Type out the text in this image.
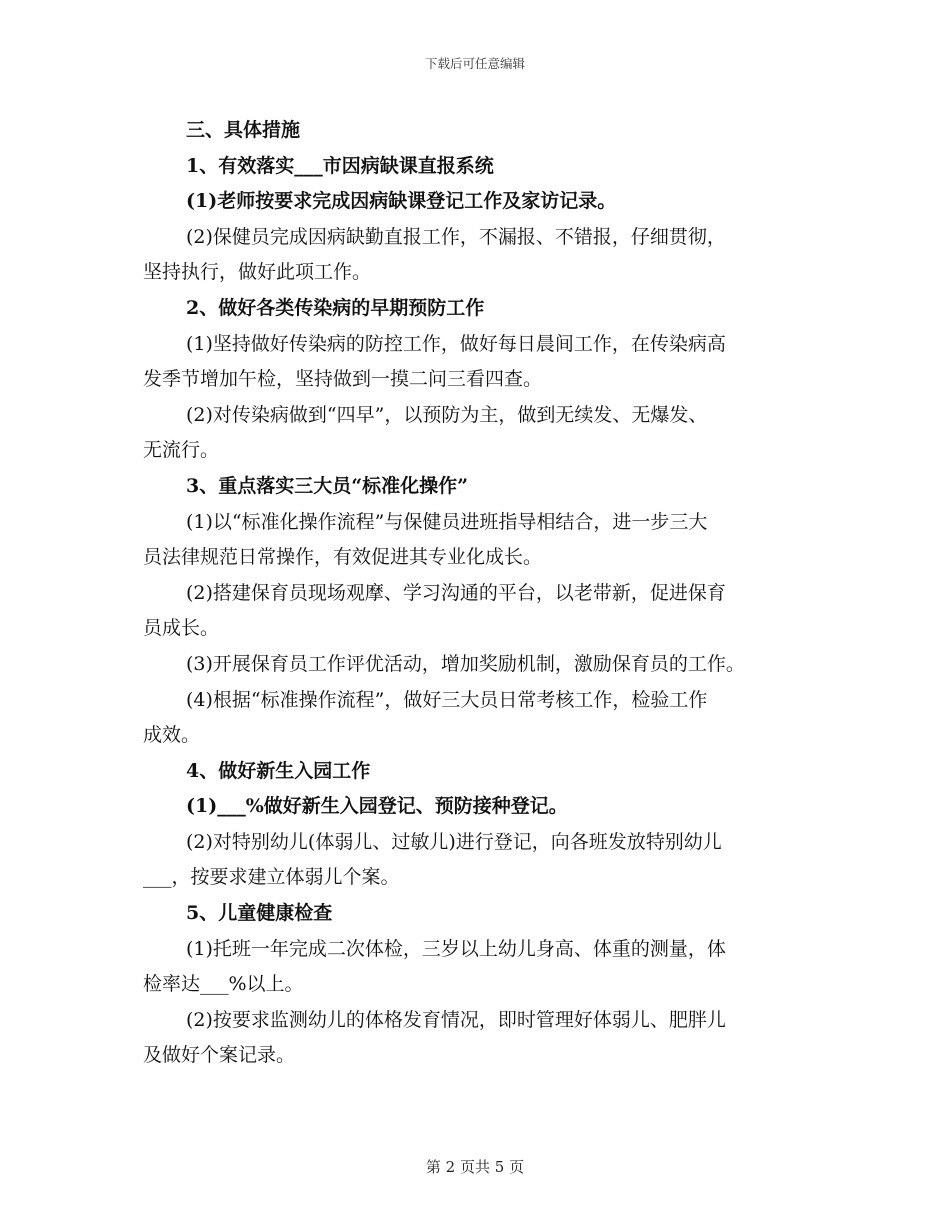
下载后可任意编辑
三、具体措施
1、有效落实___市因病缺课直报系统
(1)老师按要求完成因病缺课登记工作及家访记录。
(2)保健员完成因病缺勤直报工作，不漏报、不错报，仔细贯彻，
坚持执行，做好此项工作。
2、做好各类传染病的早期预防工作
(1)坚持做好传染病的防控工作，做好每日晨间工作，在传染病高
发季节增加午检，坚持做到一摸二问三看四查。
(2)对传染病做到“四早”，以预防为主，做到无续发、无爆发、
无流行。
3、重点落实三大员“标准化操作”
(1)以“标准化操作流程”与保健员进班指导相结合，进一步三大
员法律规范日常操作，有效促进其专业化成长。
(2)搭建保育员现场观摩、学习沟通的平台，以老带新，促进保育
员成长。
(3)开展保育员工作评优活动，增加奖励机制，激励保育员的工作。
(4)根据“标准操作流程”，做好三大员日常考核工作，检验工作
成效。
4、做好新生入园工作
(1)___%做好新生入园登记、预防接种登记。
(2)对特别幼儿(体弱儿、过敏儿)进行登记，向各班发放特别幼儿
___，按要求建立体弱儿个案。
5、儿童健康检查
(1)托班一年完成二次体检，三岁以上幼儿身高、体重的测量，体
检率达___%以上。
(2)按要求监测幼儿的体格发育情况，即时管理好体弱儿、肥胖儿
及做好个案记录。
第 2 页共 5 页
